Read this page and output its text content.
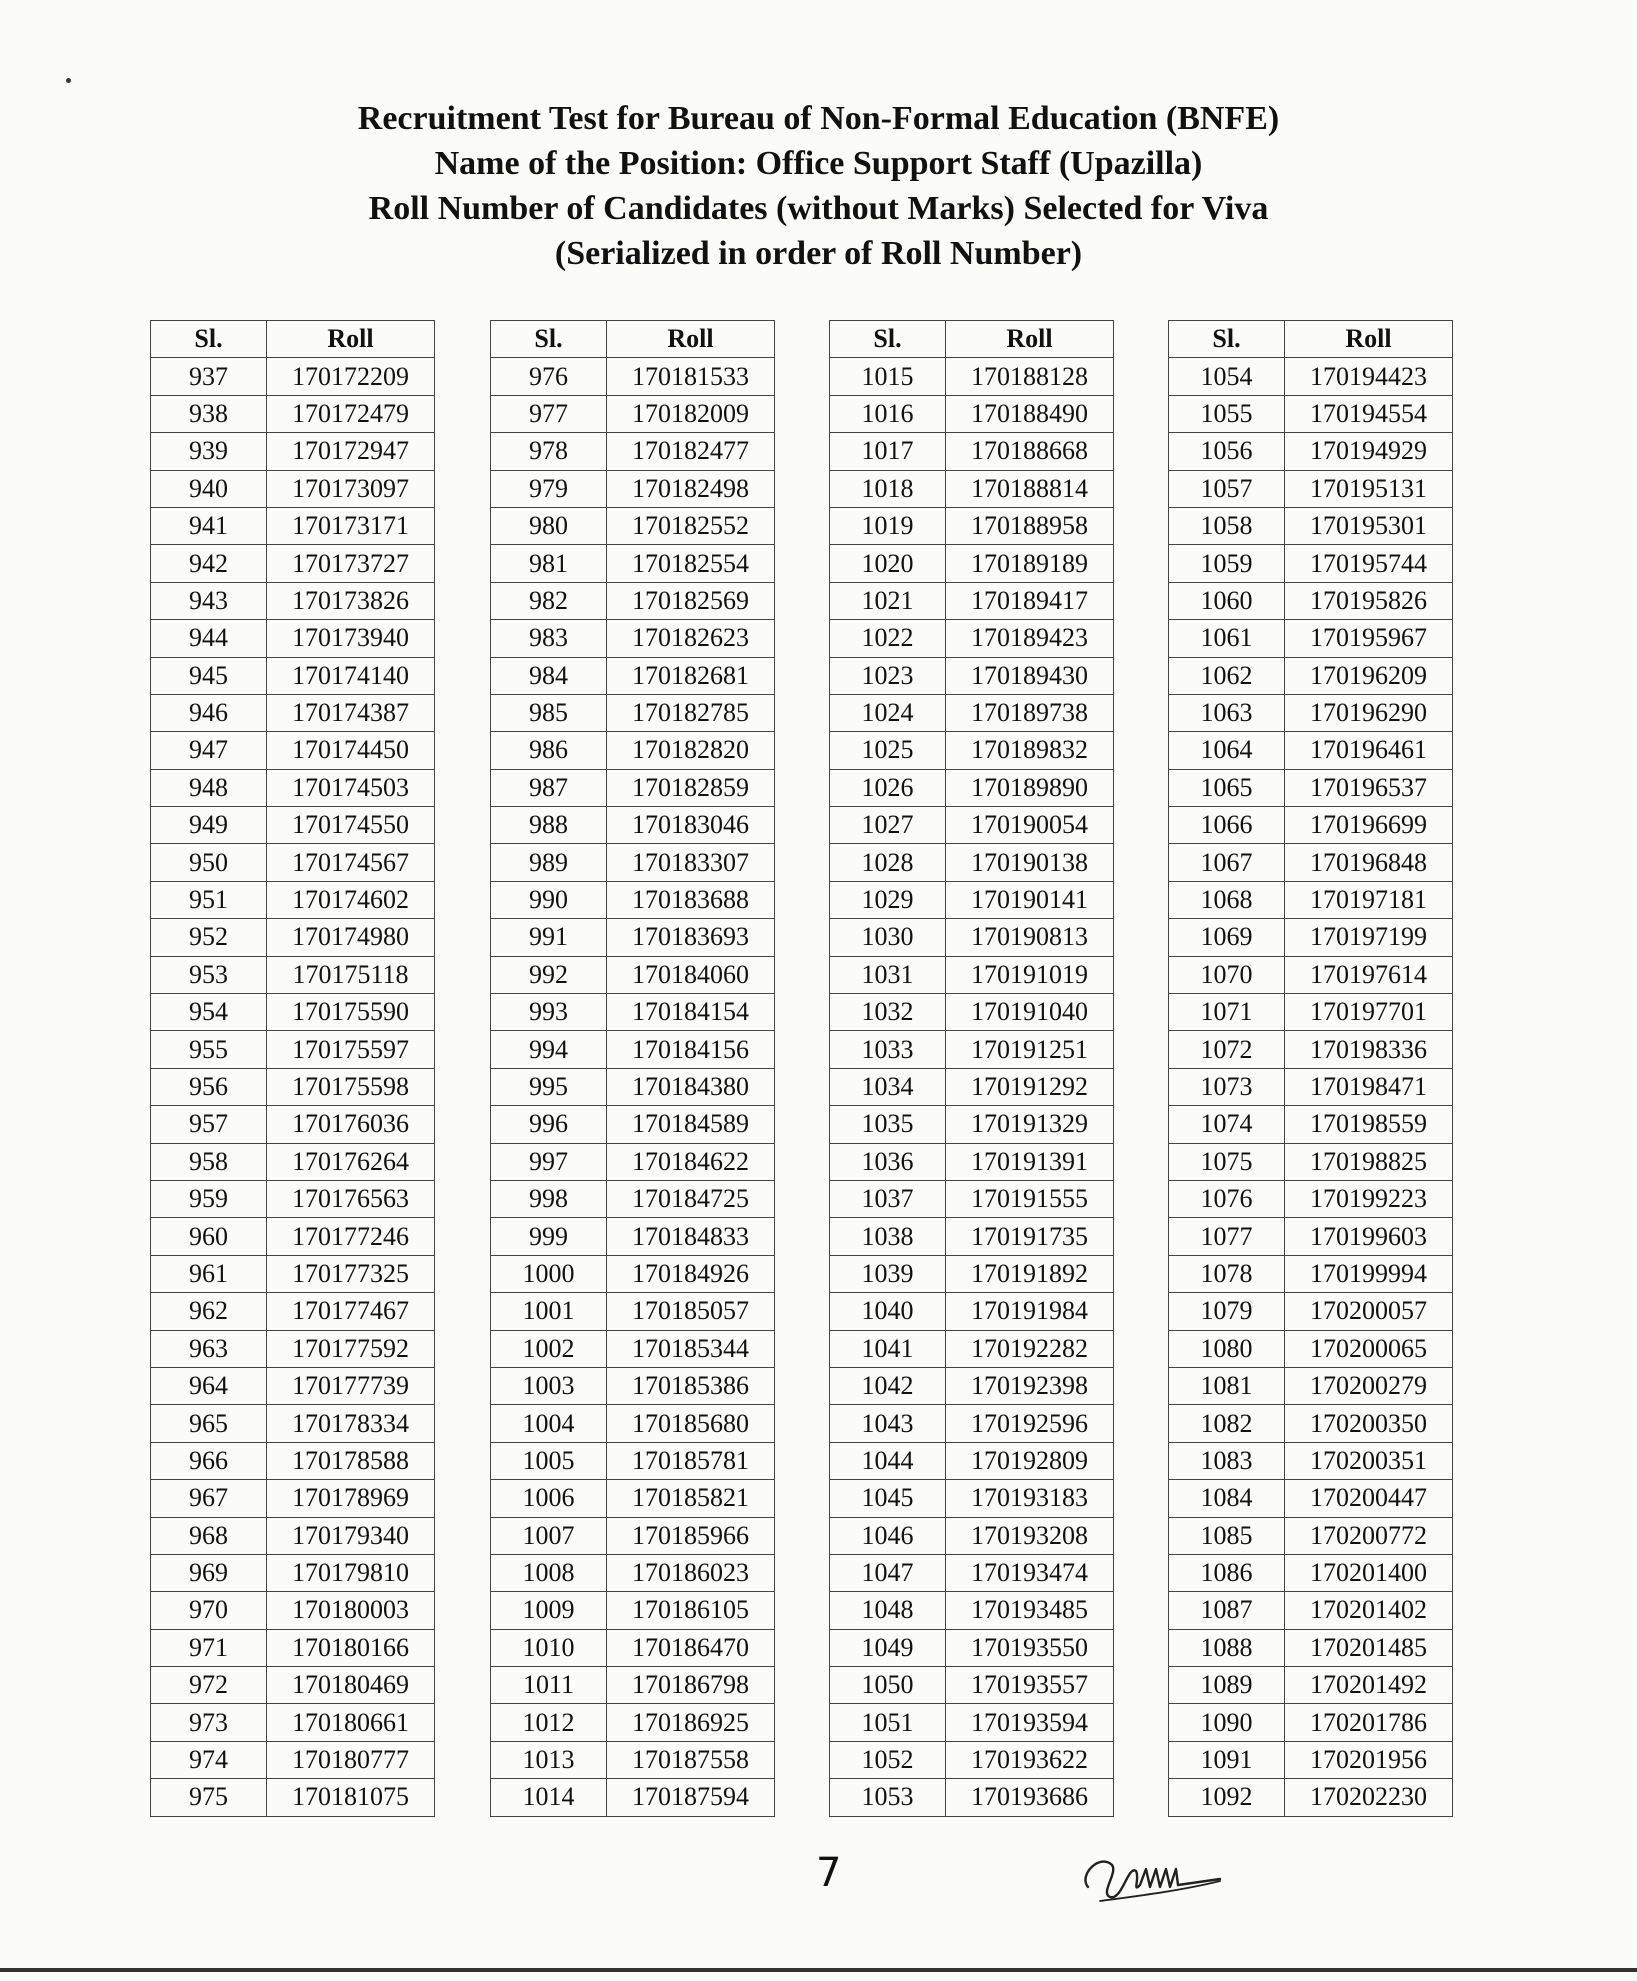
Recruitment Test for Bureau of Non-Formal Education (BNFE)
Name of the Position: Office Support Staff (Upazilla)
Roll Number of Candidates (without Marks) Selected for Viva
(Serialized in order of Roll Number)
Sl.	Roll
937	170172209
938	170172479
939	170172947
940	170173097
941	170173171
942	170173727
943	170173826
944	170173940
945	170174140
946	170174387
947	170174450
948	170174503
949	170174550
950	170174567
951	170174602
952	170174980
953	170175118
954	170175590
955	170175597
956	170175598
957	170176036
958	170176264
959	170176563
960	170177246
961	170177325
962	170177467
963	170177592
964	170177739
965	170178334
966	170178588
967	170178969
968	170179340
969	170179810
970	170180003
971	170180166
972	170180469
973	170180661
974	170180777
975	170181075
Sl.	Roll
976	170181533
977	170182009
978	170182477
979	170182498
980	170182552
981	170182554
982	170182569
983	170182623
984	170182681
985	170182785
986	170182820
987	170182859
988	170183046
989	170183307
990	170183688
991	170183693
992	170184060
993	170184154
994	170184156
995	170184380
996	170184589
997	170184622
998	170184725
999	170184833
1000	170184926
1001	170185057
1002	170185344
1003	170185386
1004	170185680
1005	170185781
1006	170185821
1007	170185966
1008	170186023
1009	170186105
1010	170186470
1011	170186798
1012	170186925
1013	170187558
1014	170187594
Sl.	Roll
1015	170188128
1016	170188490
1017	170188668
1018	170188814
1019	170188958
1020	170189189
1021	170189417
1022	170189423
1023	170189430
1024	170189738
1025	170189832
1026	170189890
1027	170190054
1028	170190138
1029	170190141
1030	170190813
1031	170191019
1032	170191040
1033	170191251
1034	170191292
1035	170191329
1036	170191391
1037	170191555
1038	170191735
1039	170191892
1040	170191984
1041	170192282
1042	170192398
1043	170192596
1044	170192809
1045	170193183
1046	170193208
1047	170193474
1048	170193485
1049	170193550
1050	170193557
1051	170193594
1052	170193622
1053	170193686
Sl.	Roll
1054	170194423
1055	170194554
1056	170194929
1057	170195131
1058	170195301
1059	170195744
1060	170195826
1061	170195967
1062	170196209
1063	170196290
1064	170196461
1065	170196537
1066	170196699
1067	170196848
1068	170197181
1069	170197199
1070	170197614
1071	170197701
1072	170198336
1073	170198471
1074	170198559
1075	170198825
1076	170199223
1077	170199603
1078	170199994
1079	170200057
1080	170200065
1081	170200279
1082	170200350
1083	170200351
1084	170200447
1085	170200772
1086	170201400
1087	170201402
1088	170201485
1089	170201492
1090	170201786
1091	170201956
1092	170202230
7
